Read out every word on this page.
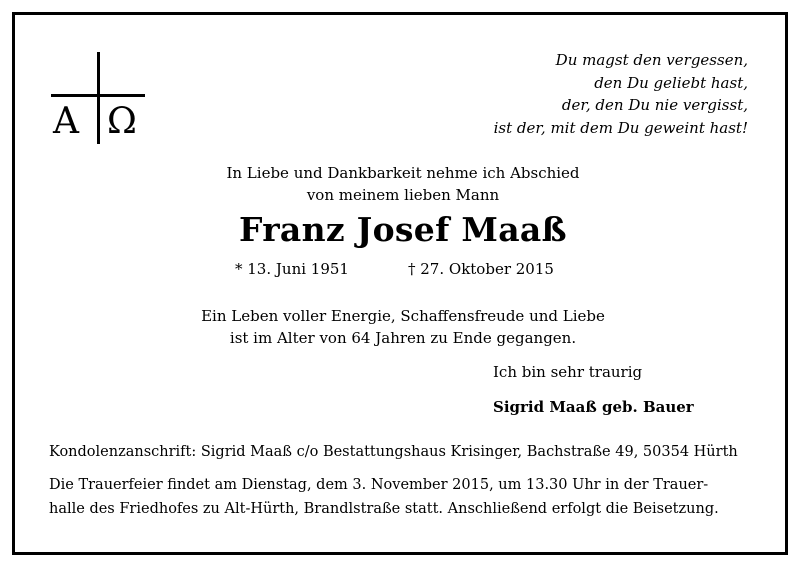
A Ω
Du magst den vergessen,
den Du geliebt hast,
der, den Du nie vergisst,
ist der, mit dem Du geweint hast!
In Liebe und Dankbarkeit nehme ich Abschied
von meinem lieben Mann
Franz Josef Maaß
* 13. Juni 1951	† 27. Oktober 2015
Ein Leben voller Energie, Schaffensfreude und Liebe
ist im Alter von 64 Jahren zu Ende gegangen.
Ich bin sehr traurig
Sigrid Maaß geb. Bauer
Kondolenzanschrift: Sigrid Maaß c/o Bestattungshaus Krisinger, Bachstraße 49, 50354 Hürth
Die Trauerfeier findet am Dienstag, dem 3. November 2015, um 13.30 Uhr in der Trauer-
halle des Friedhofes zu Alt-Hürth, Brandlstraße statt. Anschließend erfolgt die Beisetzung.
